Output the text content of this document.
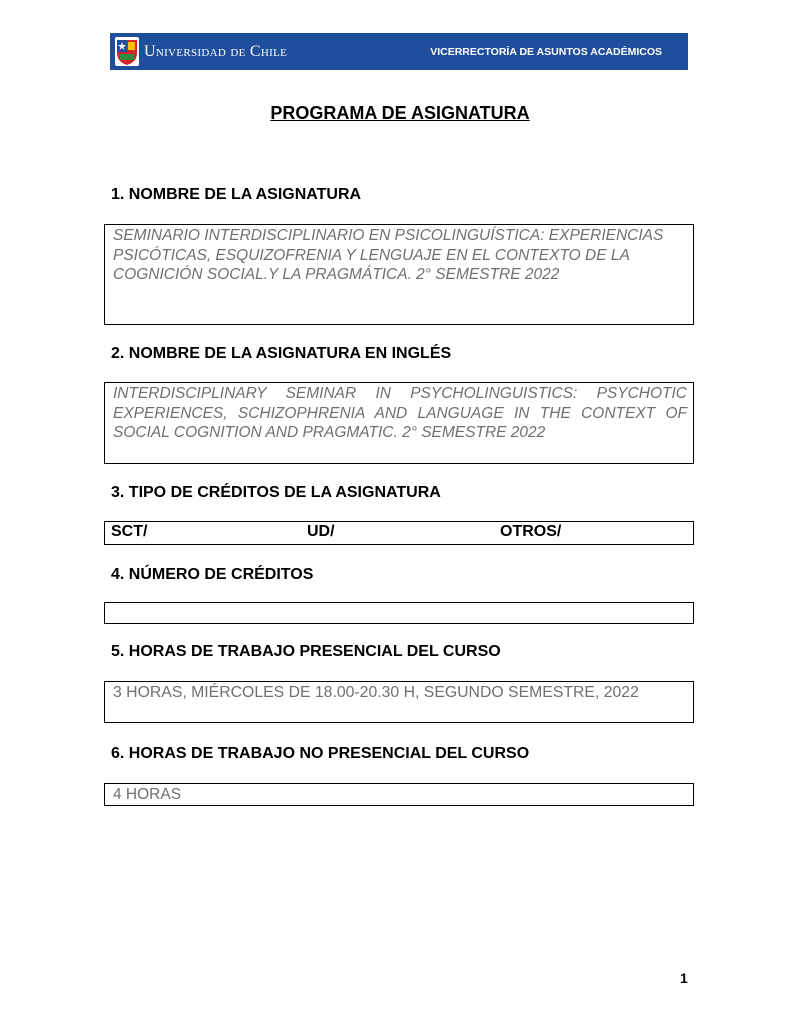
Universidad de Chile	VICERRECTORÍA DE ASUNTOS ACADÉMICOS
PROGRAMA DE ASIGNATURA
1. NOMBRE DE LA ASIGNATURA
SEMINARIO INTERDISCIPLINARIO EN PSICOLINGUÍSTICA: EXPERIENCIAS PSICÓTICAS, ESQUIZOFRENIA Y LENGUAJE EN EL CONTEXTO DE LA COGNICIÓN SOCIAL.Y LA PRAGMÁTICA. 2° SEMESTRE 2022
2. NOMBRE DE LA ASIGNATURA EN INGLÉS
INTERDISCIPLINARY SEMINAR IN PSYCHOLINGUISTICS: PSYCHOTIC EXPERIENCES, SCHIZOPHRENIA AND LANGUAGE IN THE CONTEXT OF SOCIAL COGNITION AND PRAGMATIC. 2° SEMESTRE 2022
3. TIPO DE CRÉDITOS DE LA ASIGNATURA
SCT/	UD/	OTROS/
4. NÚMERO DE CRÉDITOS
5. HORAS DE TRABAJO PRESENCIAL DEL CURSO
3 HORAS, MIÉRCOLES DE 18.00-20.30 H, SEGUNDO SEMESTRE, 2022
6. HORAS DE TRABAJO NO PRESENCIAL DEL CURSO
4 HORAS
1
